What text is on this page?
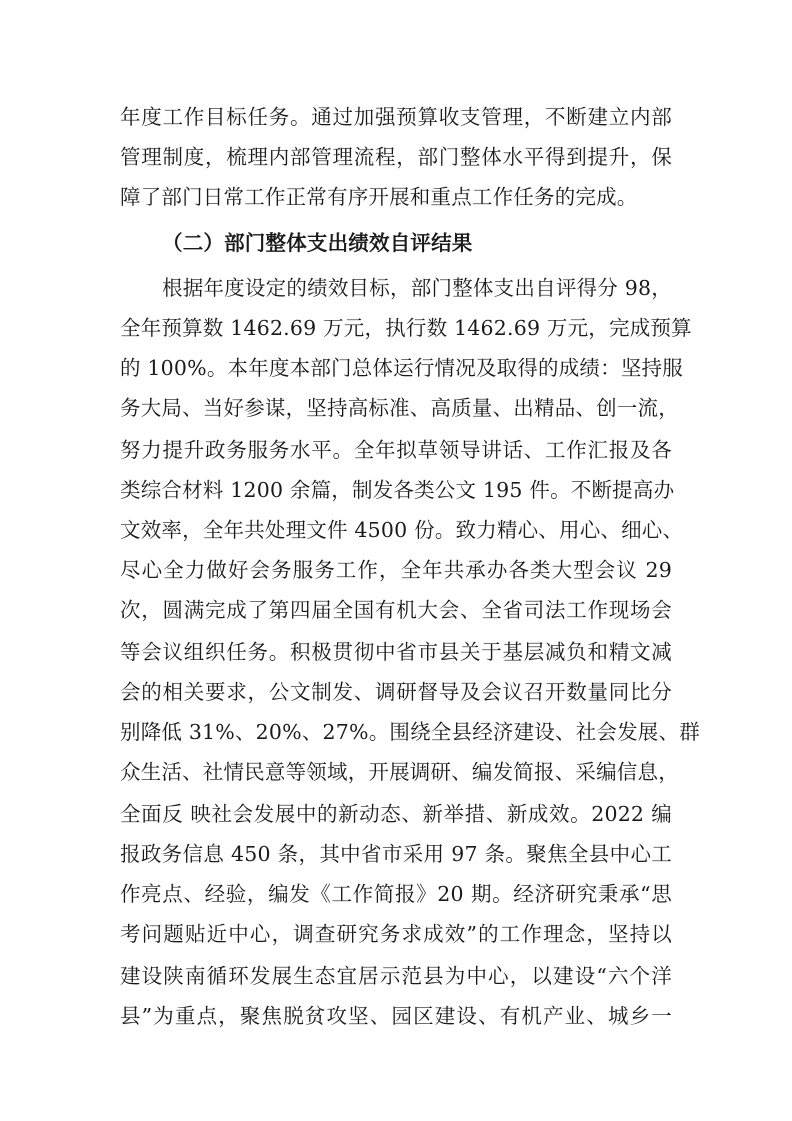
年度工作目标任务。通过加强预算收支管理，不断建立内部
管理制度，梳理内部管理流程，部门整体水平得到提升，保
障了部门日常工作正常有序开展和重点工作任务的完成。
（二）部门整体支出绩效自评结果
根据年度设定的绩效目标，部门整体支出自评得分 98，
全年预算数 1462.69 万元，执行数 1462.69 万元，完成预算
的 100%。本年度本部门总体运行情况及取得的成绩：坚持服
务大局、当好参谋，坚持高标准、高质量、出精品、创一流，
努力提升政务服务水平。全年拟草领导讲话、工作汇报及各
类综合材料 1200 余篇，制发各类公文 195 件。不断提高办
文效率，全年共处理文件 4500 份。致力精心、用心、细心、
尽心全力做好会务服务工作，全年共承办各类大型会议 29
次，圆满完成了第四届全国有机大会、全省司法工作现场会
等会议组织任务。积极贯彻中省市县关于基层减负和精文减
会的相关要求，公文制发、调研督导及会议召开数量同比分
别降低 31%、20%、27%。围绕全县经济建设、社会发展、群
众生活、社情民意等领域，开展调研、编发简报、采编信息，
全面反 映社会发展中的新动态、新举措、新成效。2022 编
报政务信息 450 条，其中省市采用 97 条。聚焦全县中心工
作亮点、经验，编发《工作简报》20 期。经济研究秉承“思
考问题贴近中心，调查研究务求成效”的工作理念，坚持以
建设陕南循环发展生态宜居示范县为中心，以建设“六个洋
县”为重点，聚焦脱贫攻坚、园区建设、有机产业、城乡一
